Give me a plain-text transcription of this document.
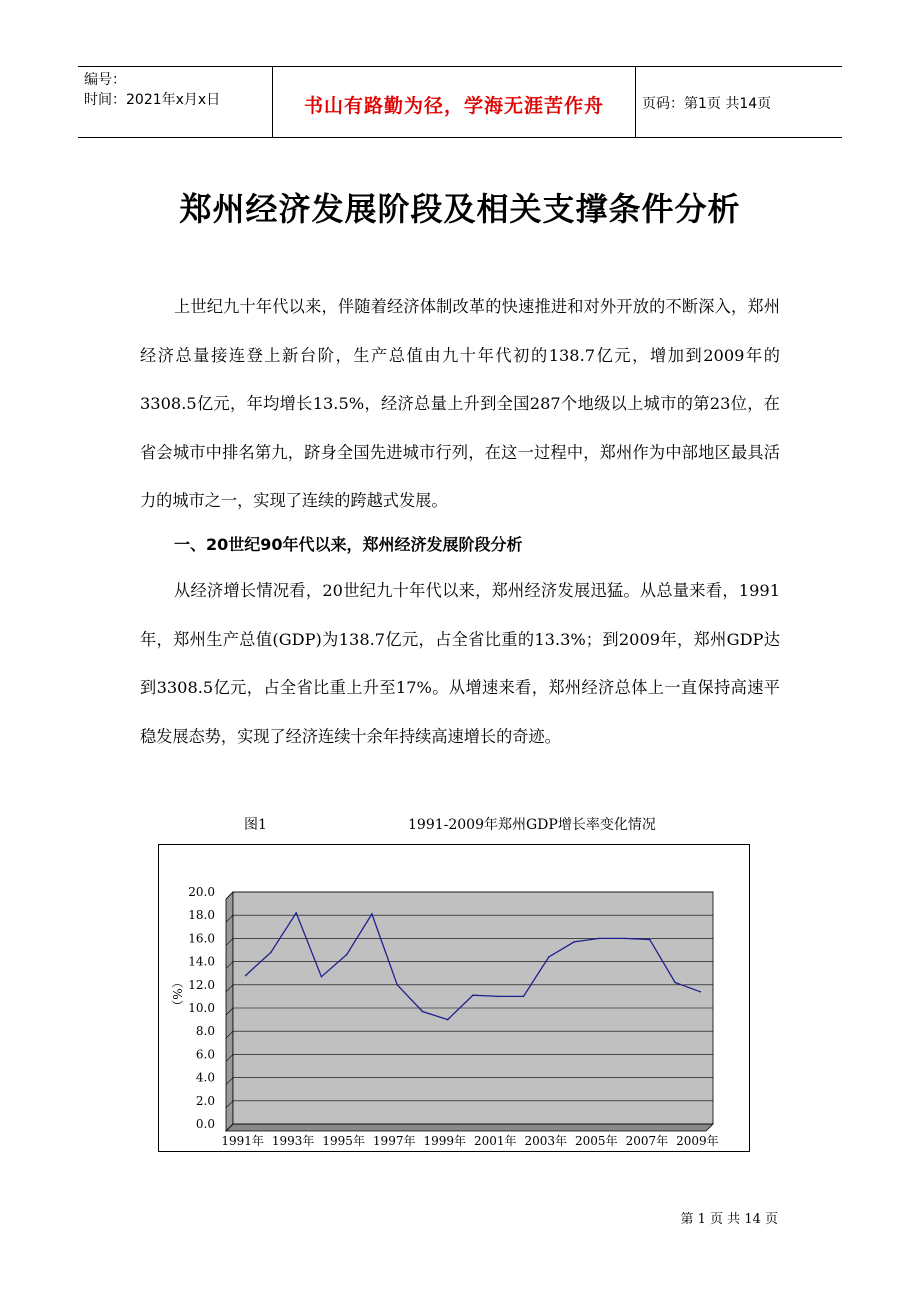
编号：
时间：2021年x月x日	书山有路勤为径，学海无涯苦作舟	页码：第1页 共14页
郑州经济发展阶段及相关支撑条件分析

上世纪九十年代以来，伴随着经济体制改革的快速推进和对外开放的不断深入，郑州经济总量接连登上新台阶，生产总值由九十年代初的138.7亿元，增加到2009年的3308.5亿元，年均增长13.5%，经济总量上升到全国287个地级以上城市的第23位，在省会城市中排名第九，跻身全国先进城市行列，在这一过程中，郑州作为中部地区最具活力的城市之一，实现了连续的跨越式发展。

一、20世纪90年代以来，郑州经济发展阶段分析

从经济增长情况看，20世纪九十年代以来，郑州经济发展迅猛。从总量来看，1991年，郑州生产总值(GDP)为138.7亿元，占全省比重的13.3%；到2009年，郑州GDP达到3308.5亿元，占全省比重上升至17%。从增速来看，郑州经济总体上一直保持高速平稳发展态势，实现了经济连续十余年持续高速增长的奇迹。

图1	1991-2009年郑州GDP增长率变化情况
0.0
2.0
4.0
6.0
8.0
10.0
12.0
14.0
16.0
18.0
20.0
（%）
1991年 1993年 1995年 1997年 1999年 2001年 2003年 2005年 2007年 2009年
第 1 页 共 14 页
